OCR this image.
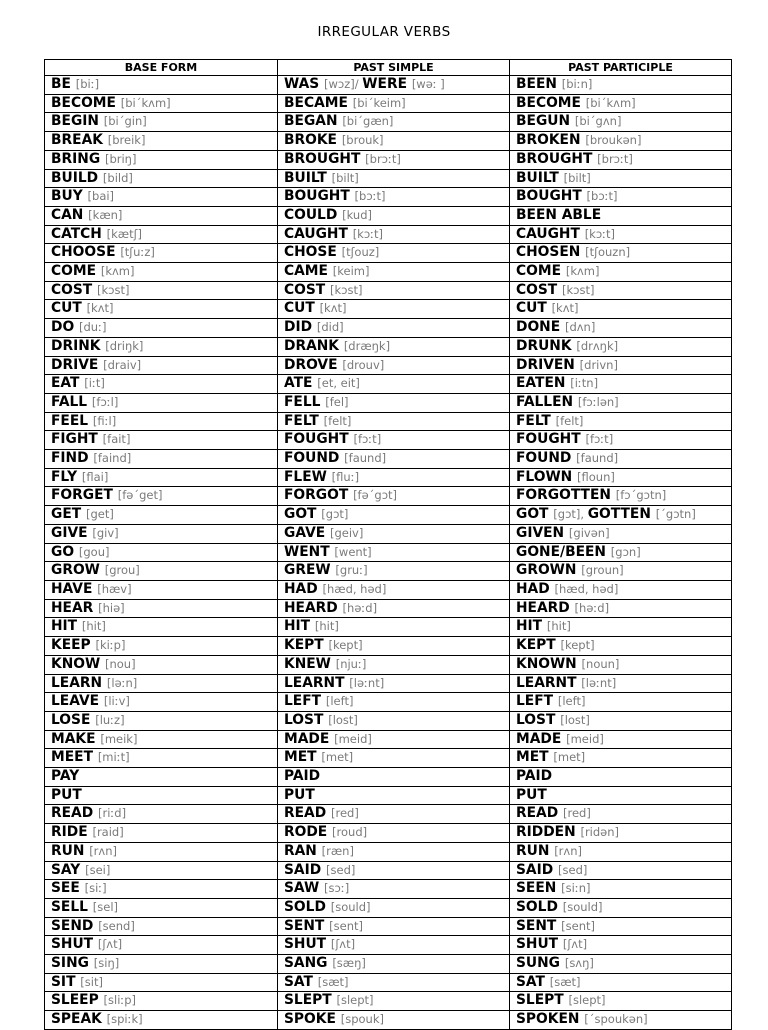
IRREGULAR VERBS
BASE FORM	PAST SIMPLE	PAST PARTICIPLE
BE [biː]	WAS [wɔz]/ WERE [wəː ]	BEEN [biːn]
BECOME [biˊkʌm]	BECAME [biˊkeim]	BECOME [biˊkʌm]
BEGIN [biˊgin]	BEGAN [biˊgæn]	BEGUN [biˊgʌn]
BREAK [breik]	BROKE [brouk]	BROKEN [broukən]
BRING [briŋ]	BROUGHT [brɔːt]	BROUGHT [brɔːt]
BUILD [bild]	BUILT [bilt]	BUILT [bilt]
BUY [bai]	BOUGHT [bɔːt]	BOUGHT [bɔːt]
CAN [kæn]	COULD [kud]	BEEN ABLE
CATCH [kætʃ]	CAUGHT [kɔːt]	CAUGHT [kɔːt]
CHOOSE [tʃuːz]	CHOSE [tʃouz]	CHOSEN [tʃouzn]
COME [kʌm]	CAME [keim]	COME [kʌm]
COST [kɔst]	COST [kɔst]	COST [kɔst]
CUT [kʌt]	CUT [kʌt]	CUT [kʌt]
DO [duː]	DID [did]	DONE [dʌn]
DRINK [driŋk]	DRANK [dræŋk]	DRUNK [drʌŋk]
DRIVE [draiv]	DROVE [drouv]	DRIVEN [drivn]
EAT [iːt]	ATE [et, eit]	EATEN [iːtn]
FALL [fɔːl]	FELL [fel]	FALLEN [fɔːlən]
FEEL [fiːl]	FELT [felt]	FELT [felt]
FIGHT [fait]	FOUGHT [fɔːt]	FOUGHT [fɔːt]
FIND [faind]	FOUND [faund]	FOUND [faund]
FLY [flai]	FLEW [fluː]	FLOWN [floun]
FORGET [fəˊget]	FORGOT [fəˊgɔt]	FORGOTTEN [fɔˊgɔtn]
GET [get]	GOT [gɔt]	GOT [gɔt], GOTTEN [ˊgɔtn]
GIVE [giv]	GAVE [geiv]	GIVEN [givən]
GO [gou]	WENT [went]	GONE/BEEN [gɔn]
GROW [grou]	GREW [gruː]	GROWN [groun]
HAVE [hæv]	HAD [hæd, həd]	HAD [hæd, həd]
HEAR [hiə]	HEARD [həːd]	HEARD [həːd]
HIT [hit]	HIT [hit]	HIT [hit]
KEEP [kiːp]	KEPT [kept]	KEPT [kept]
KNOW [nou]	KNEW [njuː]	KNOWN [noun]
LEARN [ləːn]	LEARNT [ləːnt]	LEARNT [ləːnt]
LEAVE [liːv]	LEFT [left]	LEFT [left]
LOSE [luːz]	LOST [lost]	LOST [lost]
MAKE [meik]	MADE [meid]	MADE [meid]
MEET [miːt]	MET [met]	MET [met]
PAY	PAID	PAID
PUT	PUT	PUT
READ [riːd]	READ [red]	READ [red]
RIDE [raid]	RODE [roud]	RIDDEN [ridən]
RUN [rʌn]	RAN [ræn]	RUN [rʌn]
SAY [sei]	SAID [sed]	SAID [sed]
SEE [siː]	SAW [sɔː]	SEEN [siːn]
SELL [sel]	SOLD [sould]	SOLD [sould]
SEND [send]	SENT [sent]	SENT [sent]
SHUT [ʃʌt]	SHUT [ʃʌt]	SHUT [ʃʌt]
SING [siŋ]	SANG [sæŋ]	SUNG [sʌŋ]
SIT [sit]	SAT [sæt]	SAT [sæt]
SLEEP [sliːp]	SLEPT [slept]	SLEPT [slept]
SPEAK [spiːk]	SPOKE [spouk]	SPOKEN [ˊspoukən]
